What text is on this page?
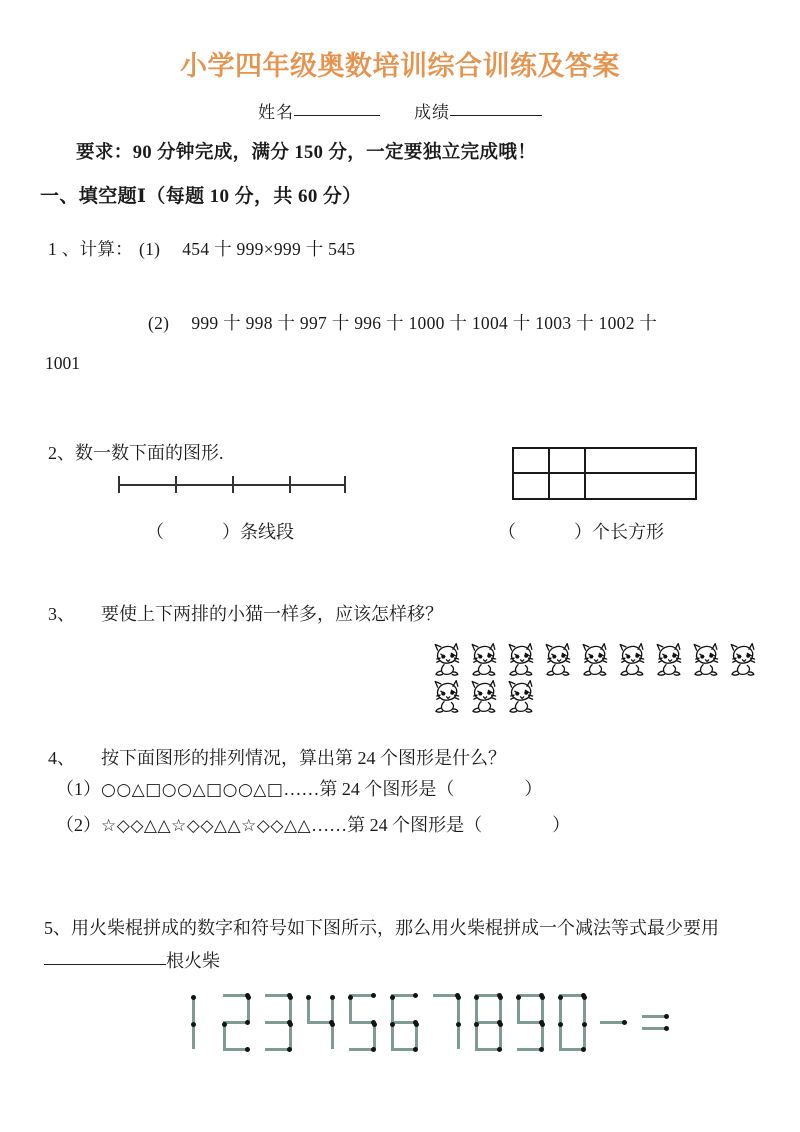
小学四年级奥数培训综合训练及答案
姓名	成绩
要求：90 分钟完成，满分 150 分，一定要独立完成哦！
一、填空题Ⅰ（每题 10 分，共 60 分）
1 、计算： (1) 454 十 999×999 十 545
(2) 999 十 998 十 997 十 996 十 1000 十 1004 十 1003 十 1002 十
1001
2、数一数下面的图形.
（	）条线段	（	）个长方形
3、 要使上下两排的小猫一样多，应该怎样移？
4、 按下面图形的排列情况，算出第 24 个图形是什么？
（1）○○△□○○△□○○△□……第 24 个图形是（	）
（2）☆◇◇△△☆◇◇△△☆◇◇△△……第 24 个图形是（	）
5、用火柴棍拼成的数字和符号如下图所示，那么用火柴棍拼成一个减法等式最少要用根火柴
